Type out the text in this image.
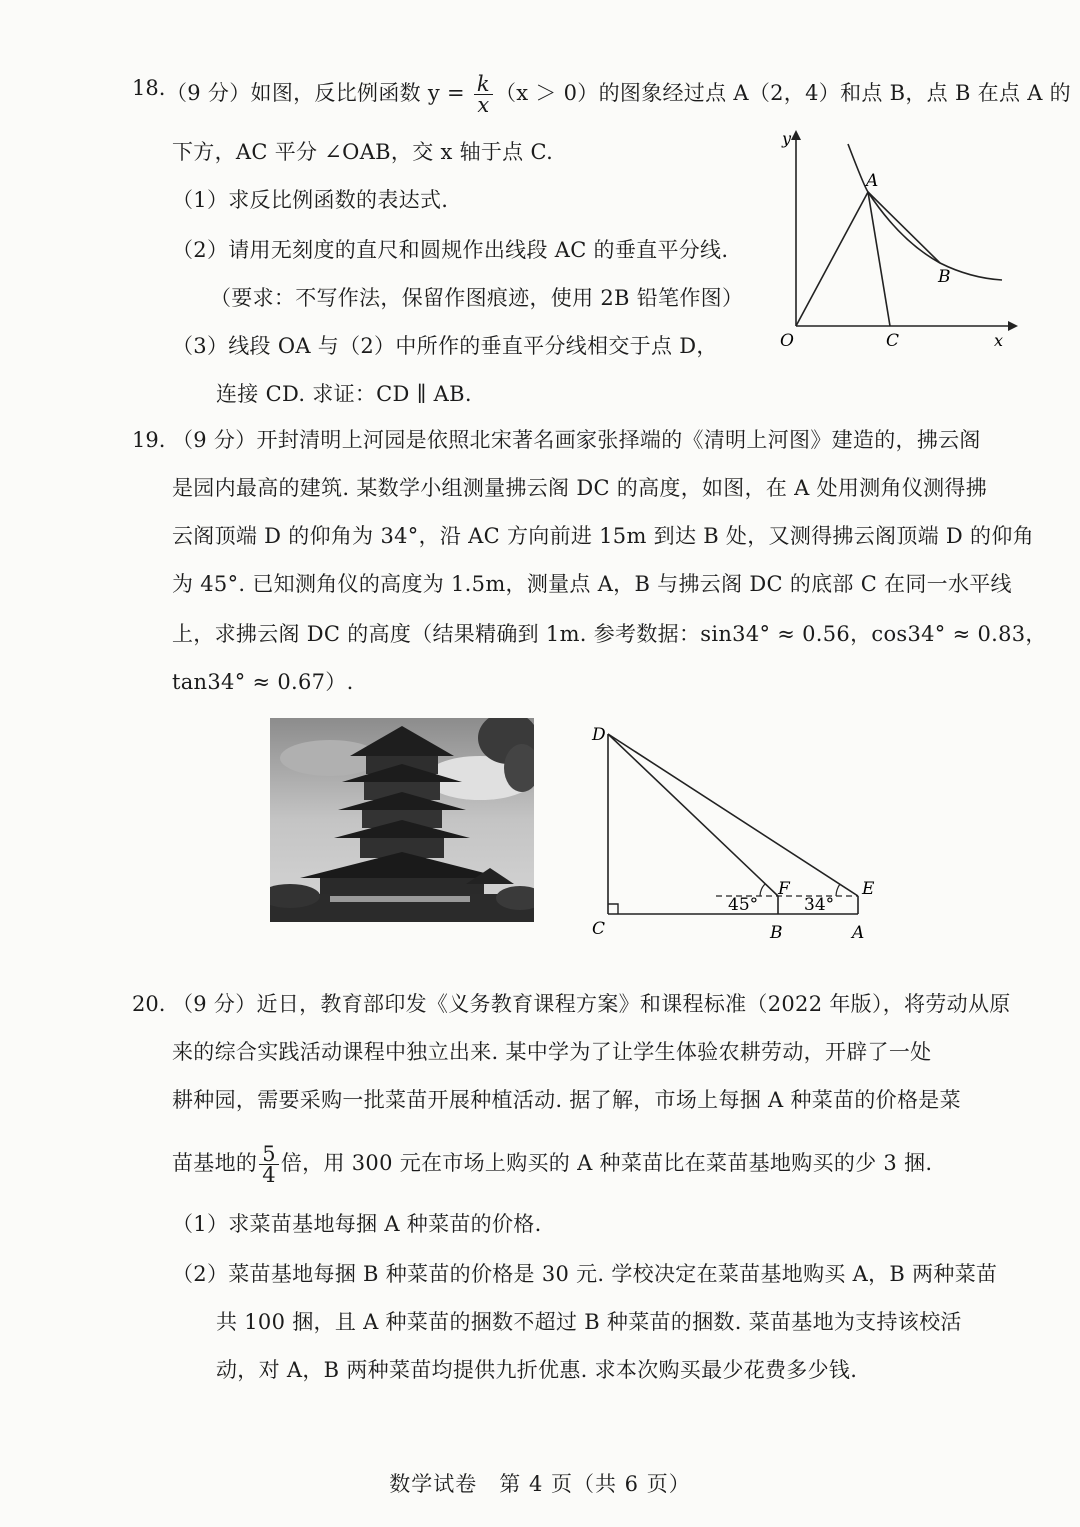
18. （9 分）如图，反比例函数 $y = \frac{k}{x} (x > 0)$的图象经过点 A（2，4）和点 B，点 B 在点 A 的
下方，AC 平分 ∠OAB，交 x 轴于点 C.
（1）求反比例函数的表达式.
（2）请用无刻度的直尺和圆规作出线段 AC 的垂直平分线.
（要求：不写作法，保留作图痕迹，使用 2B 铅笔作图）
（3）线段 OA 与（2）中所作的垂直平分线相交于点 D，
连接 CD. 求证：CD ∥ AB.
y
x
O
A
B
C
19. （9 分）开封清明上河园是依照北宋著名画家张择端的《清明上河图》建造的，拂云阁
是园内最高的建筑. 某数学小组测量拂云阁 DC 的高度，如图，在 A 处用测角仪测得拂
云阁顶端 D 的仰角为 34°，沿 AC 方向前进 15m 到达 B 处，又测得拂云阁顶端 D 的仰角
为 45°. 已知测角仪的高度为 1.5m，测量点 A，B 与拂云阁 DC 的底部 C 在同一水平线
上，求拂云阁 DC 的高度（结果精确到 1m. 参考数据：sin34° ≈ 0.56，cos34° ≈ 0.83，
tan34° ≈ 0.67）.
D
C	B	A
E
F
45°	34°
20. （9 分）近日，教育部印发《义务教育课程方案》和课程标准（2022 年版），将劳动从原
来的综合实践活动课程中独立出来. 某中学为了让学生体验农耕劳动，开辟了一处
耕种园，需要采购一批菜苗开展种植活动. 据了解，市场上每捆 A 种菜苗的价格是菜
苗基地的 $\frac{5}{4}$ 倍，用 300 元在市场上购买的 A 种菜苗比在菜苗基地购买的少 3 捆.
（1）求菜苗基地每捆 A 种菜苗的价格.
（2）菜苗基地每捆 B 种菜苗的价格是 30 元. 学校决定在菜苗基地购买 A，B 两种菜苗
共 100 捆，且 A 种菜苗的捆数不超过 B 种菜苗的捆数. 菜苗基地为支持该校活
动，对 A，B 两种菜苗均提供九折优惠. 求本次购买最少花费多少钱.
数学试卷　第 4 页（共 6 页）
